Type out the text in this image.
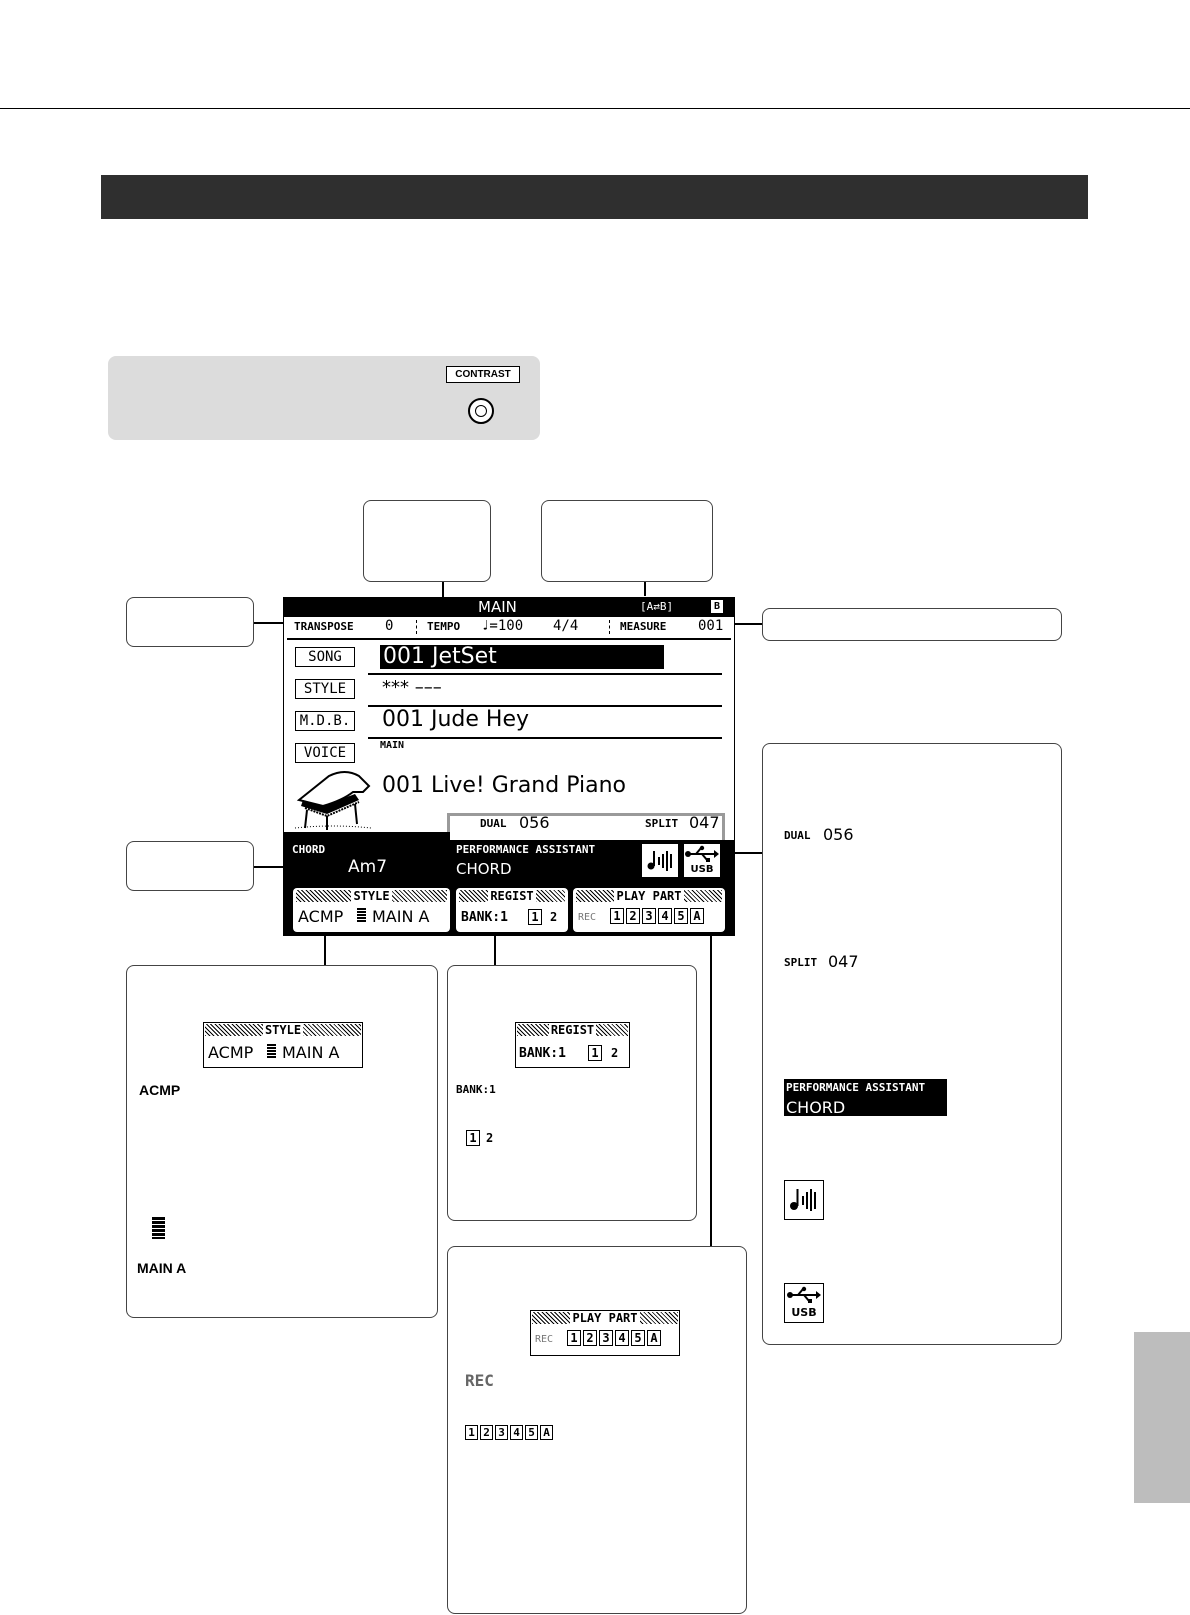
CONTRAST
MAIN	[A⇄B]	B
TRANSPOSE 0	TEMPO ♩=100 4/4	MEASURE 001
SONG	001 JetSet
STYLE	*** –––
M.D.B. 001 Jude Hey
VOICE	MAIN
001 Live! Grand Piano
DUAL 056	SPLIT 047
CHORD
Am7
PERFORMANCE ASSISTANT
CHORD	USB
STYLE
ACMP MAIN A
REGIST
BANK:1 1 2
PLAY PART
REC 1 2 3 4 5 A
STYLE
ACMP MAIN A
ACMP
MAIN A
REGIST
BANK:1 1 2
BANK:1
1 2
PLAY PART
REC 1 2 3 4 5 A
REC
1 2 3 4 5 A
DUAL 056
SPLIT 047
PERFORMANCE ASSISTANT
CHORD
USB
